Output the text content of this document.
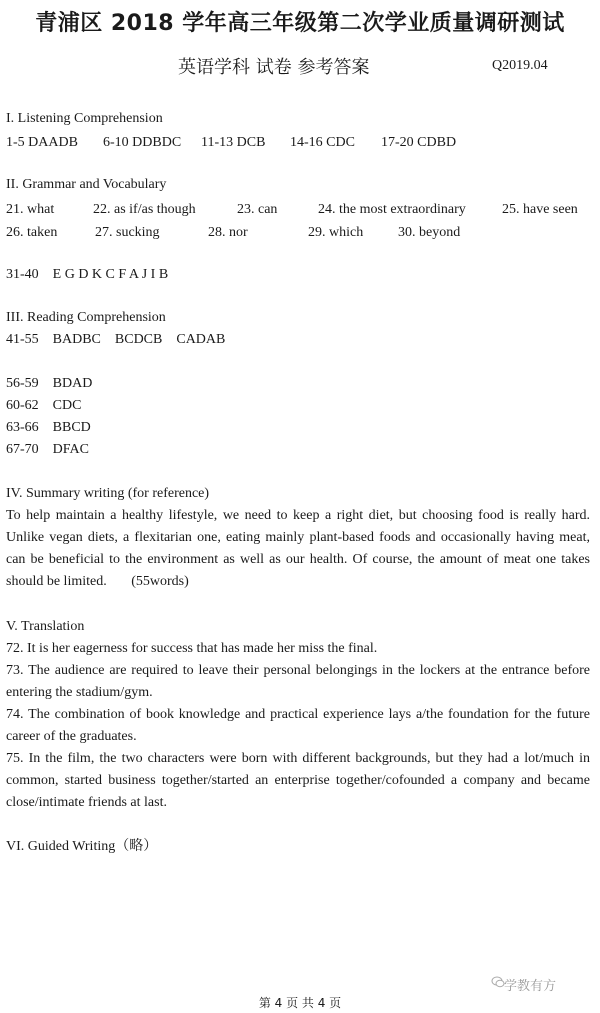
青浦区 2018 学年高三年级第二次学业质量调研测试
英语学科 试卷 参考答案	Q2019.04
I. Listening Comprehension
1-5 DAADB 6-10 DDBDC 11-13 DCB 14-16 CDC 17-20 CDBD
II. Grammar and Vocabulary
21. what	22. as if/as though	23. can	24. the most extraordinary	25. have seen
26. taken	27. sucking	28. nor	29. which 30. beyond
31-40    E G D K C F A J I B
III. Reading Comprehension
41-55    BADBC    BCDCB    CADAB
56-59    BDAD
60-62    CDC
63-66    BBCD
67-70    DFAC
IV. Summary writing (for reference)
To help maintain a healthy lifestyle, we need to keep a right diet, but choosing food is really hard. Unlike vegan diets, a flexitarian one, eating mainly plant-based foods and occasionally having meat, can be beneficial to the environment as well as our health. Of course, the amount of meat one takes should be limited. (55words)
V. Translation
72. It is her eagerness for success that has made her miss the final.
73. The audience are required to leave their personal belongings in the lockers at the entrance before entering the stadium/gym.
74. The combination of book knowledge and practical experience lays a/the foundation for the future career of the graduates.
75. In the film, the two characters were born with different backgrounds, but they had a lot/much in common, started business together/started an enterprise together/cofounded a company and became close/intimate friends at last.
VI. Guided Writing（略）
学教有方
第 4 页 共 4 页
